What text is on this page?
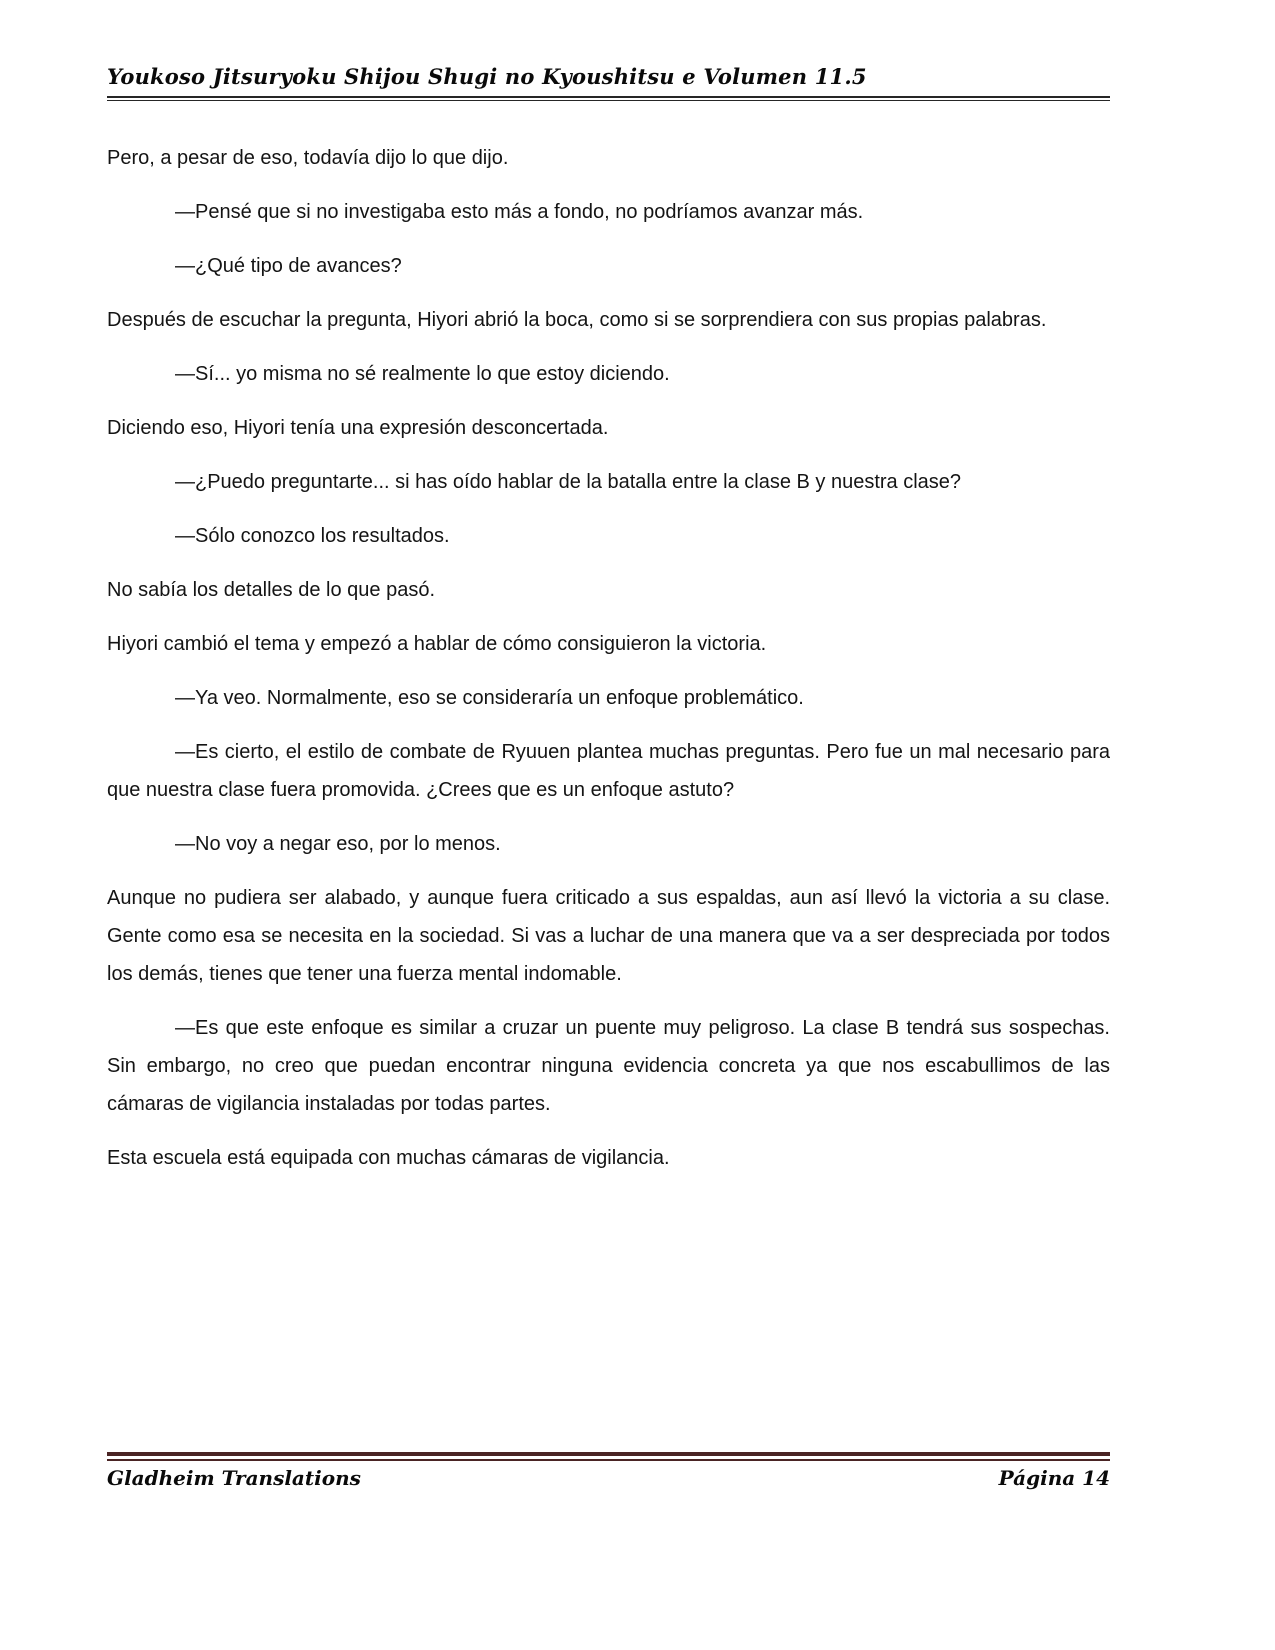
Youkoso Jitsuryoku Shijou Shugi no Kyoushitsu e Volumen 11.5

Pero, a pesar de eso, todavía dijo lo que dijo.

—Pensé que si no investigaba esto más a fondo, no podríamos avanzar más.

—¿Qué tipo de avances?

Después de escuchar la pregunta, Hiyori abrió la boca, como si se sorprendiera con sus propias palabras.

—Sí... yo misma no sé realmente lo que estoy diciendo.

Diciendo eso, Hiyori tenía una expresión desconcertada.

—¿Puedo preguntarte... si has oído hablar de la batalla entre la clase B y nuestra clase?

—Sólo conozco los resultados.

No sabía los detalles de lo que pasó.

Hiyori cambió el tema y empezó a hablar de cómo consiguieron la victoria.

—Ya veo. Normalmente, eso se consideraría un enfoque problemático.

—Es cierto, el estilo de combate de Ryuuen plantea muchas preguntas. Pero fue un mal necesario para que nuestra clase fuera promovida. ¿Crees que es un enfoque astuto?

—No voy a negar eso, por lo menos.

Aunque no pudiera ser alabado, y aunque fuera criticado a sus espaldas, aun así llevó la victoria a su clase. Gente como esa se necesita en la sociedad. Si vas a luchar de una manera que va a ser despreciada por todos los demás, tienes que tener una fuerza mental indomable.

—Es que este enfoque es similar a cruzar un puente muy peligroso. La clase B tendrá sus sospechas. Sin embargo, no creo que puedan encontrar ninguna evidencia concreta ya que nos escabullimos de las cámaras de vigilancia instaladas por todas partes.

Esta escuela está equipada con muchas cámaras de vigilancia.

Gladheim Translations	Página 14
